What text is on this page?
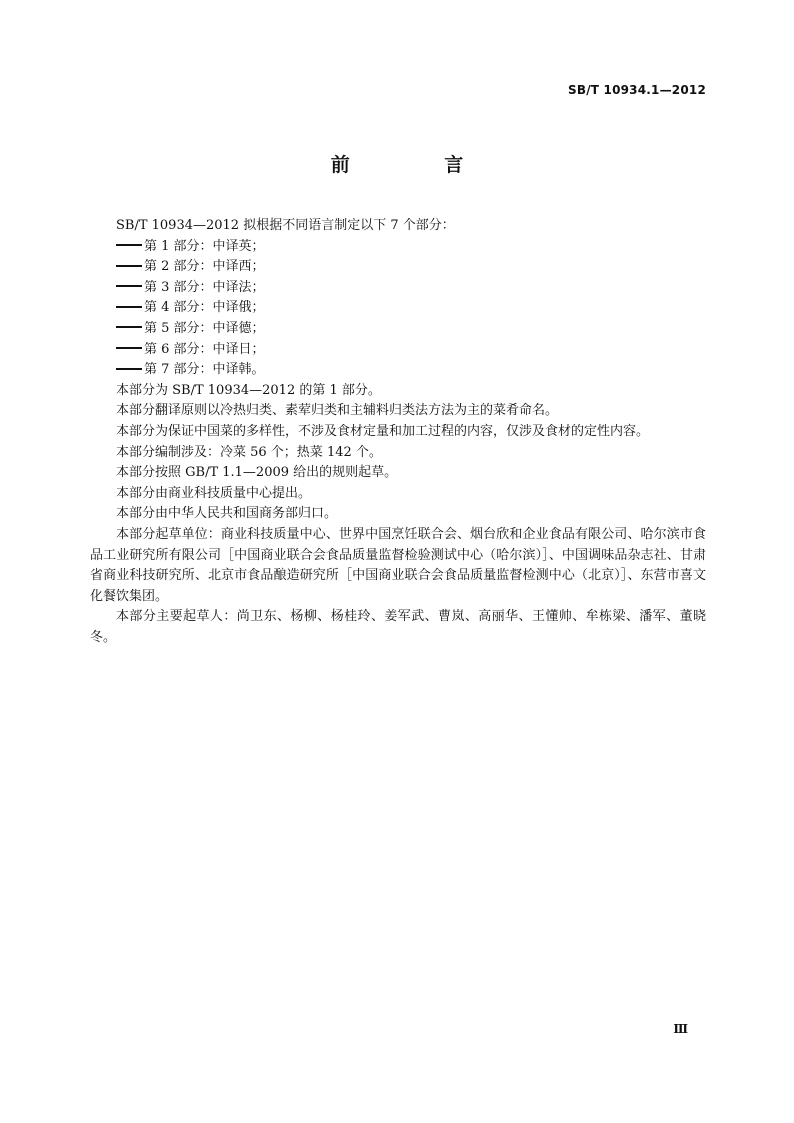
SB/T 10934.1—2012
前 言

SB/T 10934—2012 拟根据不同语言制定以下 7 个部分：

第 1 部分：中译英；

第 2 部分：中译西；

第 3 部分：中译法；

第 4 部分：中译俄；

第 5 部分：中译德；

第 6 部分：中译日；

第 7 部分：中译韩。

本部分为 SB/T 10934—2012 的第 1 部分。

本部分翻译原则以冷热归类、素荤归类和主辅料归类法方法为主的菜肴命名。

本部分为保证中国菜的多样性，不涉及食材定量和加工过程的内容，仅涉及食材的定性内容。

本部分编制涉及：冷菜 56 个；热菜 142 个。

本部分按照 GB/T 1.1—2009 给出的规则起草。

本部分由商业科技质量中心提出。

本部分由中华人民共和国商务部归口。

本部分起草单位：商业科技质量中心、世界中国烹饪联合会、烟台欣和企业食品有限公司、哈尔滨市食品工业研究所有限公司［中国商业联合会食品质量监督检验测试中心（哈尔滨）］、中国调味品杂志社、甘肃省商业科技研究所、北京市食品酿造研究所［中国商业联合会食品质量监督检测中心（北京）］、东营市喜文化餐饮集团。

本部分主要起草人：尚卫东、杨柳、杨桂玲、姜军武、曹岚、高丽华、王懂帅、牟栋梁、潘军、董晓冬。

Ⅲ
